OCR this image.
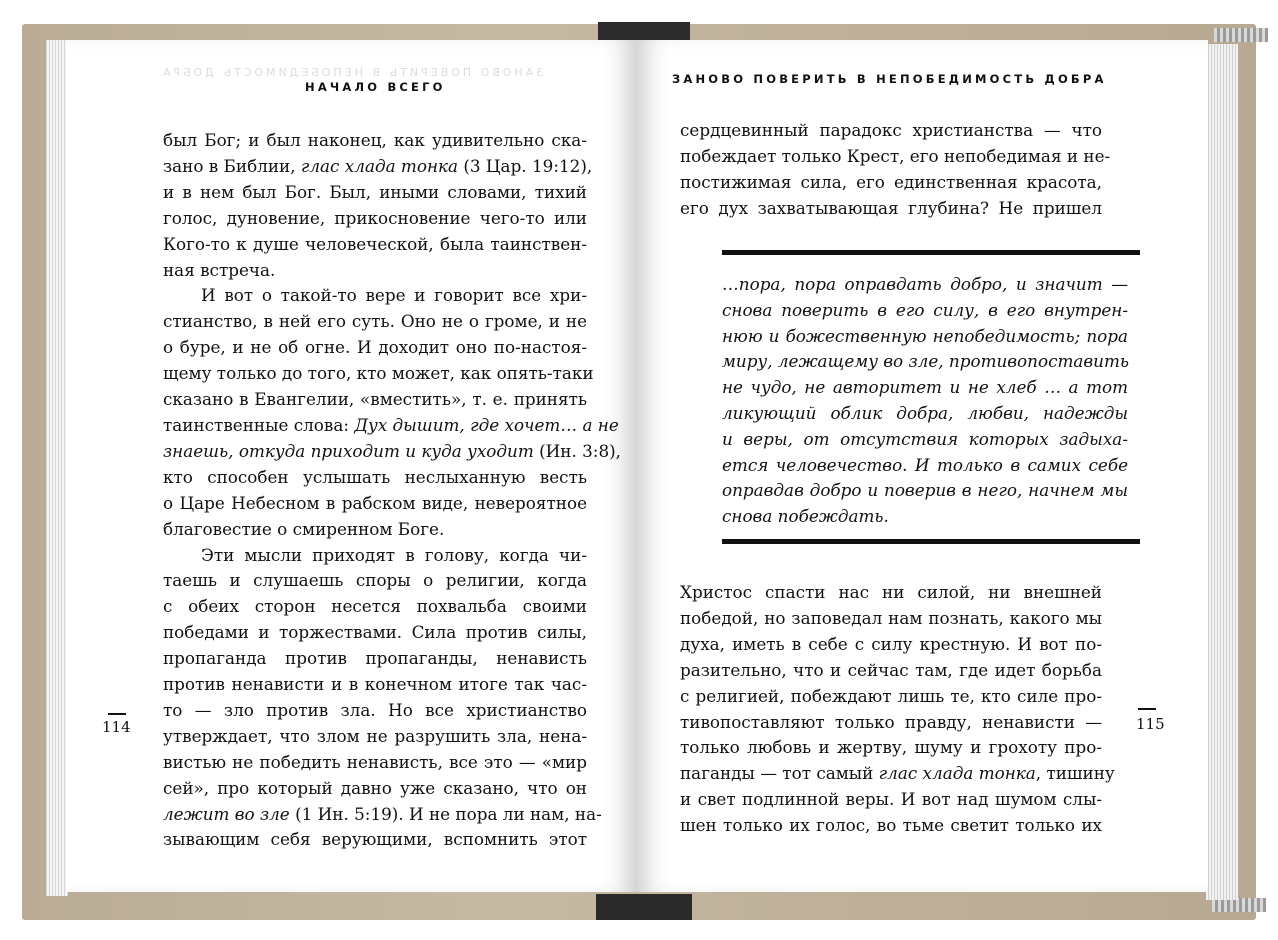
ЗАНОВО ПОВЕРИТЬ В НЕПОБЕДИМОСТЬ ДОБРА
НАЧАЛО ВСЕГО
ЗАНОВО ПОВЕРИТЬ В НЕПОБЕДИМОСТЬ ДОБРА
114	115
был Бог; и был наконец, как удивительно ска-
зано в Библии, глас хлада тонка (3 Цар. 19:12),
и в нем был Бог. Был, иными словами, тихий
голос, дуновение, прикосновение чего-то или
Кого-то к душе человеческой, была таинствен-
ная встреча.
И вот о такой-то вере и говорит все хри-
стианство, в ней его суть. Оно не о громе, и не
о буре, и не об огне. И доходит оно по-настоя-
щему только до того, кто может, как опять-таки
сказано в Евангелии, «вместить», т. е. принять
таинственные слова: Дух дышит, где хочет… а не
знаешь, откуда приходит и куда уходит (Ин. 3:8),
кто способен услышать неслыханную весть
о Царе Небесном в рабском виде, невероятное
благовестие о смиренном Боге.
Эти мысли приходят в голову, когда чи-
таешь и слушаешь споры о религии, когда
с обеих сторон несется похвальба своими
победами и торжествами. Сила против силы,
пропаганда против пропаганды, ненависть
против ненависти и в конечном итоге так час-
то — зло против зла. Но все христианство
утверждает, что злом не разрушить зла, нена-
вистью не победить ненависть, все это — «мир
сей», про который давно уже сказано, что он
лежит во зле (1 Ин. 5:19). И не пора ли нам, на-
зывающим себя верующими, вспомнить этот
сердцевинный парадокс христианства — что
побеждает только Крест, его непобедимая и не-
постижимая сила, его единственная красота,
его дух захватывающая глубина? Не пришел
…пора, пора оправдать добро, и значит —
снова поверить в его силу, в его внутрен-
нюю и божественную непобедимость; пора
миру, лежащему во зле, противопоставить
не чудо, не авторитет и не хлеб … а тот
ликующий облик добра, любви, надежды
и веры, от отсутствия которых задыха-
ется человечество. И только в самих себе
оправдав добро и поверив в него, начнем мы
снова побеждать.
Христос спасти нас ни силой, ни внешней
победой, но заповедал нам познать, какого мы
духа, иметь в себе с силу крестную. И вот по-
разительно, что и сейчас там, где идет борьба
с религией, побеждают лишь те, кто силе про-
тивопоставляют только правду, ненависти —
только любовь и жертву, шуму и грохоту про-
паганды — тот самый глас хлада тонка, тишину
и свет подлинной веры. И вот над шумом слы-
шен только их голос, во тьме светит только их
